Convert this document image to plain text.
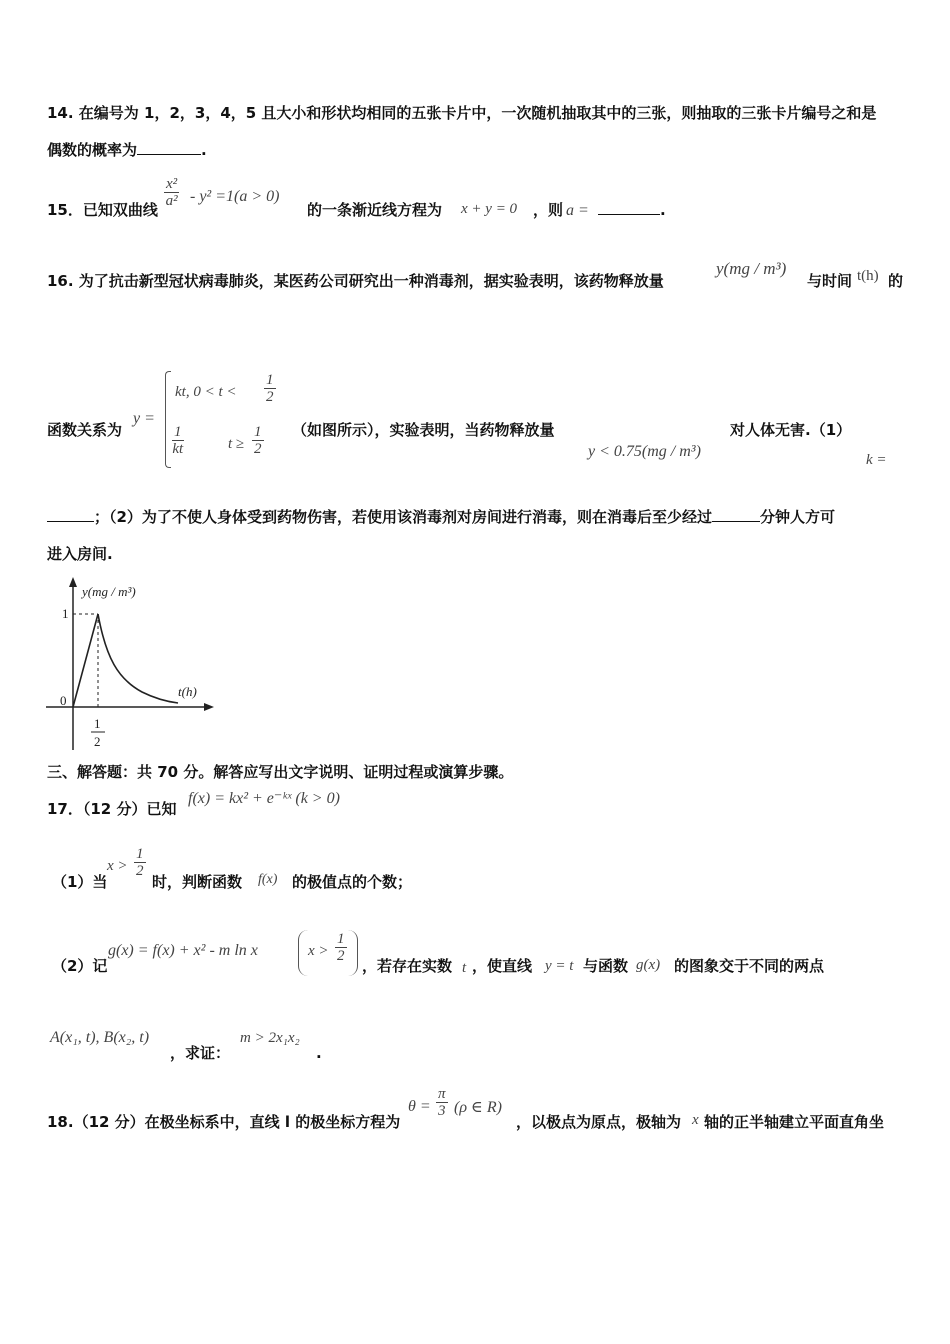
14. 在编号为 1，2，3，4，5 且大小和形状均相同的五张卡片中，一次随机抽取其中的三张，则抽取的三张卡片编号之和是
偶数的概率为	.
15．已知双曲线
$\frac{\text{x²}}{\text{a²}} - y^2 =1(a > 0)$
的一条渐近线方程为 x + y = 0 ，则 a =	.
16. 为了抗击新型冠状病毒肺炎，某医药公司研究出一种消毒剂，据实验表明，该药物释放量
y(mg / m³)
与时间 t(h) 的
函数关系为
y =
kt, $0 < t < \frac{1}{2}$
$\frac{1}{kt}$	$t \ge \frac{1}{2}$ （如图所示），实验表明，当药物释放量
y < 0.75(mg / m³)
对人体无害.（1）
k =
；（2）为了不使人身体受到药物伤害，若使用该消毒剂对房间进行消毒，则在消毒后至少经过	分钟人方可
进入房间.
y(mg / m³)
t(h)
1
0
1
2
三、解答题：共 70 分。解答应写出文字说明、证明过程或演算步骤。
17．（12 分）已知
f(x) = kx² + e⁻ᵏˣ (k > 0)
（1）当
$x > \frac{1}{2}$
时，判断函数 f(x) 的极值点的个数；
（2）记
g(x) = f(x) + x² - m ln x	$x > \frac{1}{2}$
，若存在实数 t ，使直线 y = t 与函数 g(x) 的图象交于不同的两点
A(x₁, t), B(x₂, t)
，求证：
m > 2x₁x₂
.
18.（12 分）在极坐标系中，直线 l 的极坐标方程为
$\theta = \frac{\pi}{3} (\rho$ ∈ R)
，以极点为原点，极轴为 x 轴的正半轴建立平面直角坐
